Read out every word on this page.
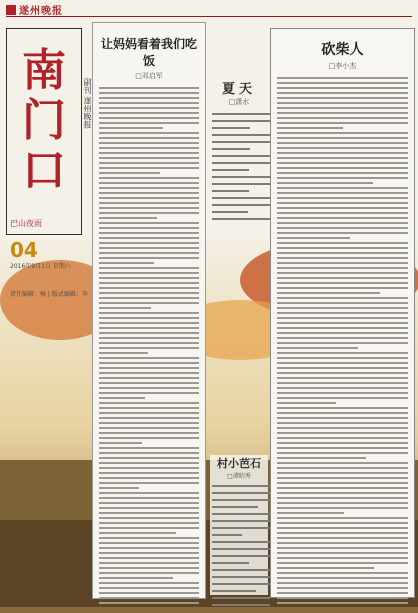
遂州晚报
南
门
口
副刊 遂州晚报
巴山夜雨
04
2016年9月1日 星期六
责任编辑：杨 | 版式编辑：李
让妈妈看着我们吃饭
□邓启军
夏天
□潇水
砍柴人
□李小杰
村小芭石
□谭昭秀
